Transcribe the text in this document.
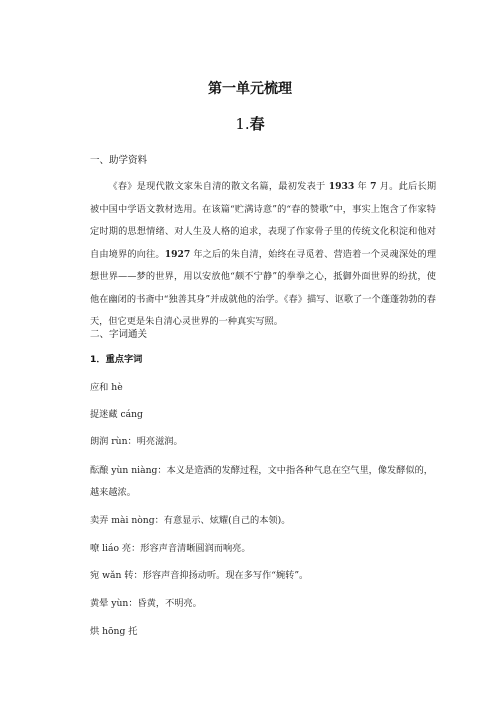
第一单元梳理
1.春
一、助学资料
《春》是现代散文家朱自清的散文名篇，最初发表于 1933 年 7 月。此后长期被中国中学语文教材选用。在该篇“贮满诗意”的“春的赞歌”中，事实上饱含了作家特定时期的思想情绪、对人生及人格的追求，表现了作家骨子里的传统文化积淀和他对自由境界的向往。1927 年之后的朱自清，始终在寻觅着、营造着一个灵魂深处的理想世界——梦的世界，用以安放他“颇不宁静”的拳拳之心，抵御外面世界的纷扰，使他在幽闭的书斋中“独善其身”并成就他的治学。《春》描写、讴歌了一个蓬蓬勃勃的春天，但它更是朱自清心灵世界的一种真实写照。
二、字词通关
1．重点字词
应和 hè
捉迷藏 cáng
朗润 rùn：明亮滋润。
酝酿 yùn niàng：本义是造酒的发酵过程，文中指各种气息在空气里，像发酵似的，越来越浓。
卖弄 mài nòng：有意显示、炫耀(自己的本领)。
嘹 liáo 亮：形容声音清晰圆润而响亮。
宛 wǎn 转：形容声音抑扬动听。现在多写作“婉转”。
黄晕 yùn：昏黄，不明亮。
烘 hōng 托
